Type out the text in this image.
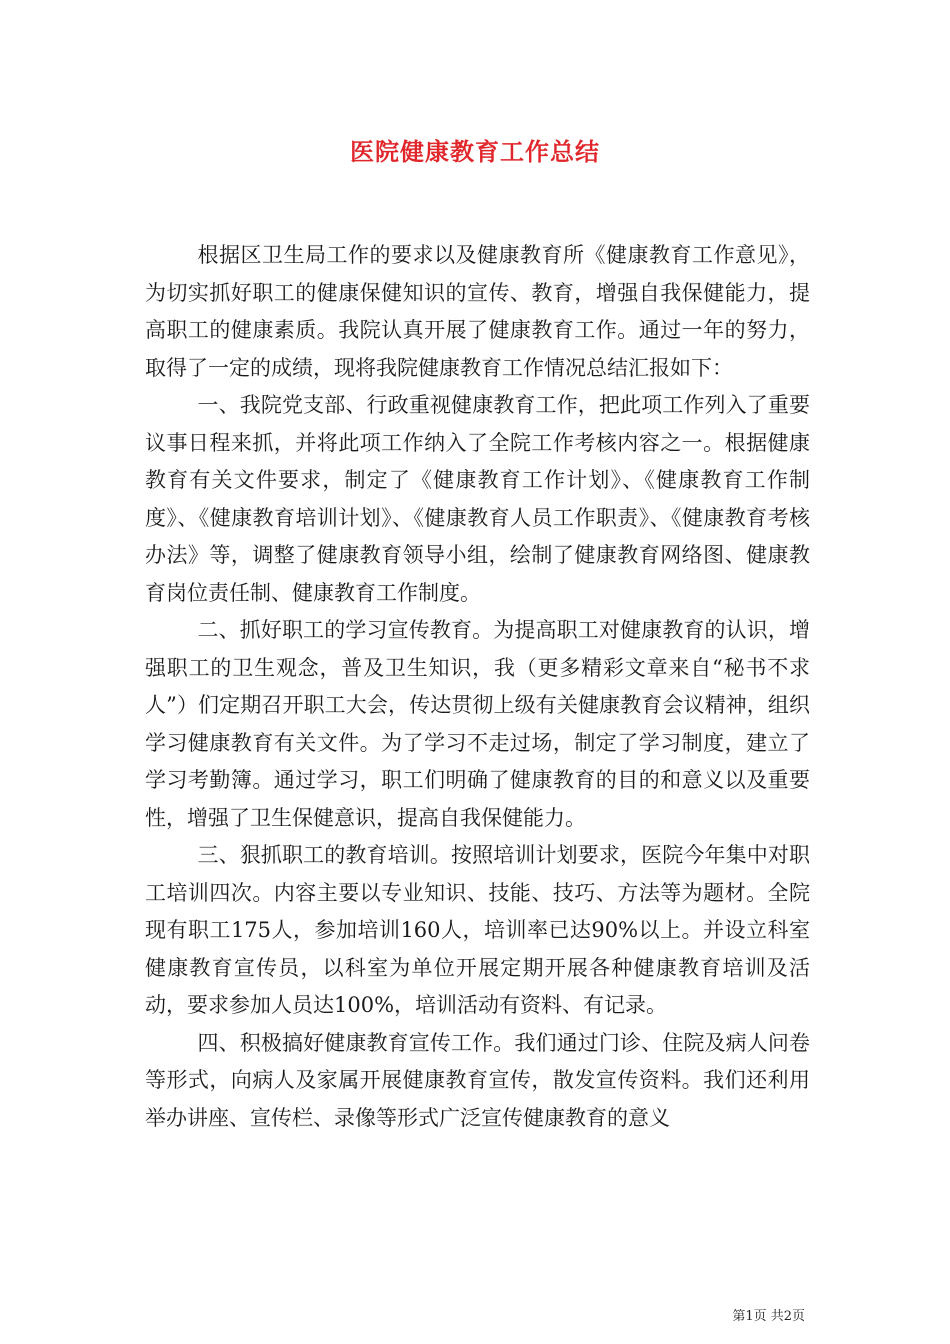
医院健康教育工作总结

根据区卫生局工作的要求以及健康教育所《健康教育工作意见》，为切实抓好职工的健康保健知识的宣传、教育，增强自我保健能力，提高职工的健康素质。我院认真开展了健康教育工作。通过一年的努力，取得了一定的成绩，现将我院健康教育工作情况总结汇报如下：

一、我院党支部、行政重视健康教育工作，把此项工作列入了重要议事日程来抓，并将此项工作纳入了全院工作考核内容之一。根据健康教育有关文件要求，制定了《健康教育工作计划》、《健康教育工作制度》、《健康教育培训计划》、《健康教育人员工作职责》、《健康教育考核办法》等，调整了健康教育领导小组，绘制了健康教育网络图、健康教育岗位责任制、健康教育工作制度。

二、抓好职工的学习宣传教育。为提高职工对健康教育的认识，增强职工的卫生观念，普及卫生知识，我（更多精彩文章来自“秘书不求人”）们定期召开职工大会，传达贯彻上级有关健康教育会议精神，组织学习健康教育有关文件。为了学习不走过场，制定了学习制度，建立了学习考勤簿。通过学习，职工们明确了健康教育的目的和意义以及重要性，增强了卫生保健意识，提高自我保健能力。

三、狠抓职工的教育培训。按照培训计划要求，医院今年集中对职工培训四次。内容主要以专业知识、技能、技巧、方法等为题材。全院现有职工175人，参加培训160人，培训率已达90%以上。并设立科室健康教育宣传员，以科室为单位开展定期开展各种健康教育培训及活动，要求参加人员达100%，培训活动有资料、有记录。

四、积极搞好健康教育宣传工作。我们通过门诊、住院及病人问卷等形式，向病人及家属开展健康教育宣传，散发宣传资料。我们还利用举办讲座、宣传栏、录像等形式广泛宣传健康教育的意义

第1页 共2页
